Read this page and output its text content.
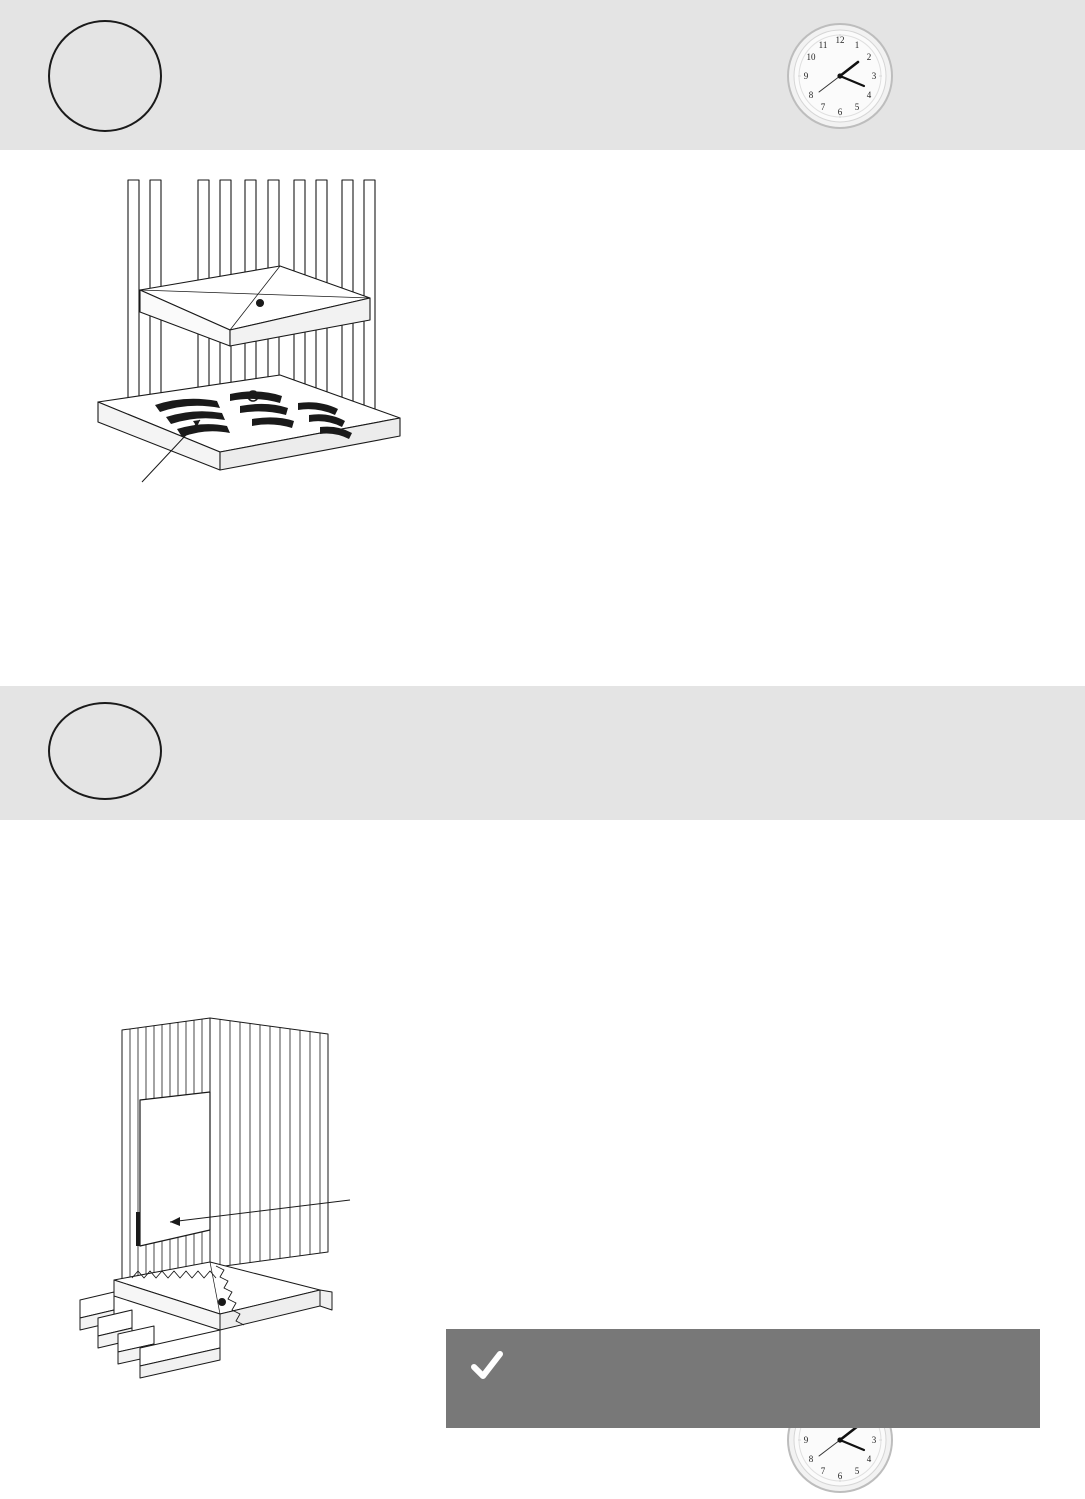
12 1
2
3
4
5
6
7
8
9
10
11
3
4
5
6
7
8
9
